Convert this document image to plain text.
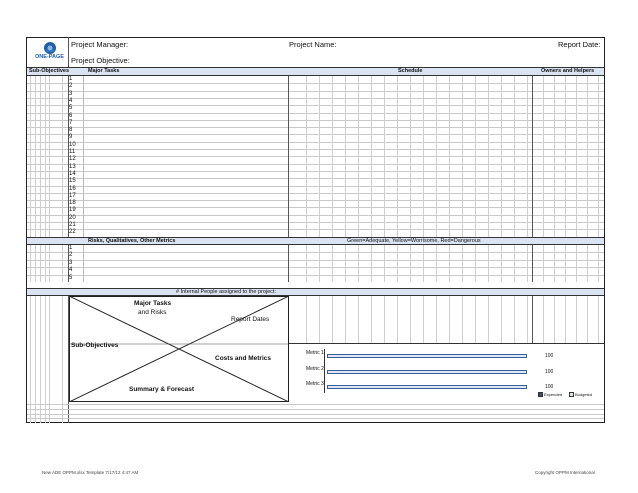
ONE-PAGE
Project Manager:	Project Name:	Report Date:
Project Objective:
Sub-Objectives	Major Tasks	Schedule	Owners and Helpers
1
2
3
4
5
6
7
8
9
10
11
12
13
14
15
16
17
18
19
20
21
22
Risks, Qualitatives, Other Metrics	Green=Adequate, Yellow=Worrisome, Red=Dangerous
1
2
3
4
5
# Internal People assigned to the project:
Major Tasks
and Risks
Report Dates
Sub-Objectives
Costs and Metrics
Summary & Forecast
Metric 1	100
Metric 2	100
Metric 3	100
Expended	Budgeted
New ADE OPPM.xlsx Template 7/17/12 4:47 AM	Copyright OPPM International
